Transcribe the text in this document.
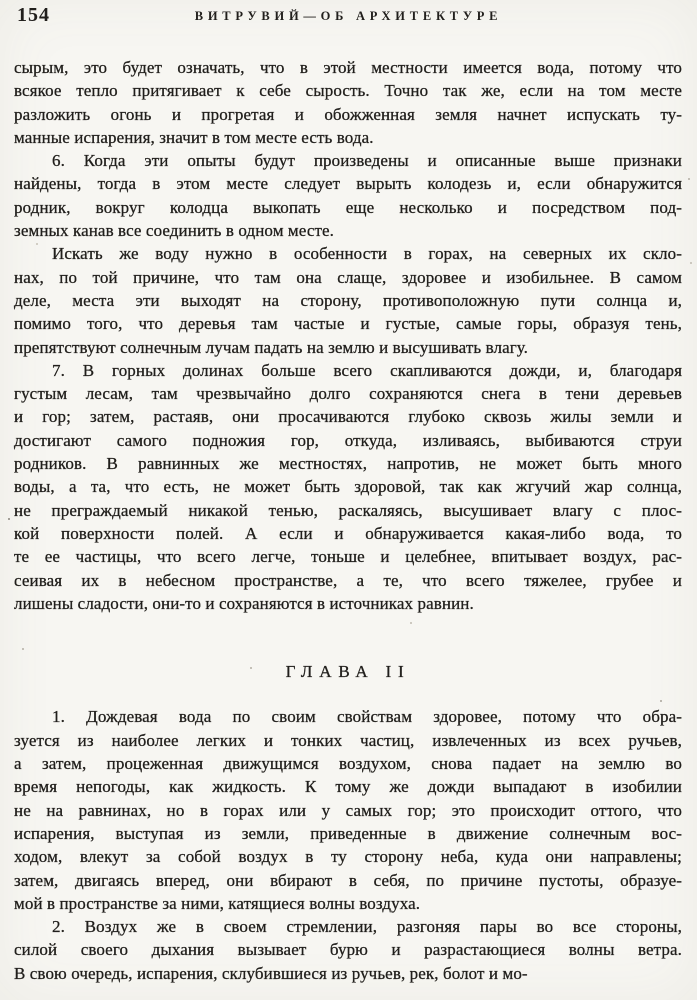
154	ВИТРУВИЙ—ОБ АРХИТЕКТУРЕ
сырым, это будет означать, что в этой местности имеется вода, потому что
всякое тепло притягивает к себе сырость. Точно так же, если на том месте
разложить огонь и прогретая и обожженная земля начнет испускать ту-
манные испарения, значит в том месте есть вода.
6. Когда эти опыты будут произведены и описанные выше признаки
найдены, тогда в этом месте следует вырыть колодезь и, если обнаружится
родник, вокруг колодца выкопать еще несколько и посредством под-
земных канав все соединить в одном месте.
Искать же воду нужно в особенности в горах, на северных их скло-
нах, по той причине, что там она слаще, здоровее и изобильнее. В самом
деле, места эти выходят на сторону, противоположную пути солнца и,
помимо того, что деревья там частые и густые, самые горы, образуя тень,
препятствуют солнечным лучам падать на землю и высушивать влагу.
7. В горных долинах больше всего скапливаются дожди, и, благодаря
густым лесам, там чрезвычайно долго сохраняются снега в тени деревьев
и гор; затем, растаяв, они просачиваются глубоко сквозь жилы земли и
достигают самого подножия гор, откуда, изливаясь, выбиваются струи
родников. В равнинных же местностях, напротив, не может быть много
воды, а та, что есть, не может быть здоровой, так как жгучий жар солнца,
не преграждаемый никакой тенью, раскаляясь, высушивает влагу с плос-
кой поверхности полей. А если и обнаруживается какая-либо вода, то
те ее частицы, что всего легче, тоньше и целебнее, впитывает воздух, рас-
сеивая их в небесном пространстве, а те, что всего тяжелее, грубее и
лишены сладости, они-то и сохраняются в источниках равнин.
ГЛАВА II
1. Дождевая вода по своим свойствам здоровее, потому что обра-
зуется из наиболее легких и тонких частиц, извлеченных из всех ручьев,
а затем, процеженная движущимся воздухом, снова падает на землю во
время непогоды, как жидкость. К тому же дожди выпадают в изобилии
не на равнинах, но в горах или у самых гор; это происходит оттого, что
испарения, выступая из земли, приведенные в движение солнечным вос-
ходом, влекут за собой воздух в ту сторону неба, куда они направлены;
затем, двигаясь вперед, они вбирают в себя, по причине пустоты, образуе-
мой в пространстве за ними, катящиеся волны воздуха.
2. Воздух же в своем стремлении, разгоняя пары во все стороны,
силой своего дыхания вызывает бурю и разрастающиеся волны ветра.
В свою очередь, испарения, склубившиеся из ручьев, рек, болот и мо-
